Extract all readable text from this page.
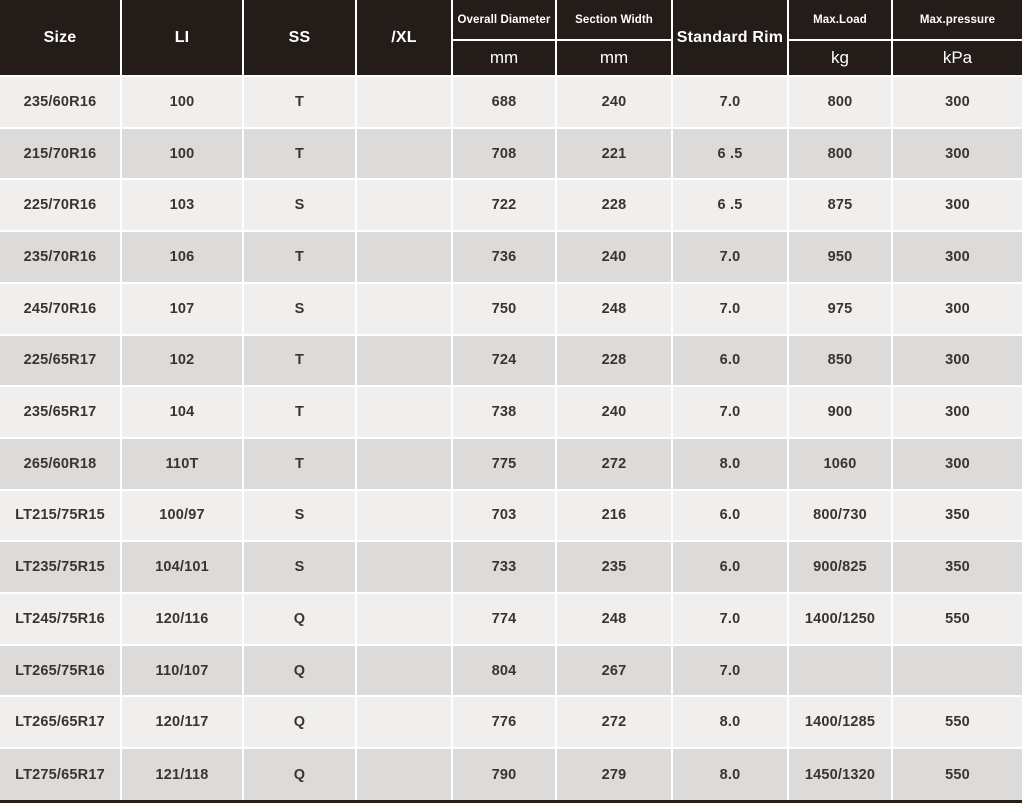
Size	LI	SS	/XL	Overall Diameter	Section Width	Standard Rim	Max.Load	Max.pressure
				mm	mm		kg	kPa
235/60R16	100	T		688	240	7.0	800	300
215/70R16	100	T		708	221	6 .5	800	300
225/70R16	103	S		722	228	6 .5	875	300
235/70R16	106	T		736	240	7.0	950	300
245/70R16	107	S		750	248	7.0	975	300
225/65R17	102	T		724	228	6.0	850	300
235/65R17	104	T		738	240	7.0	900	300
265/60R18	110T	T		775	272	8.0	1060	300
LT215/75R15	100/97	S		703	216	6.0	800/730	350
LT235/75R15	104/101	S		733	235	6.0	900/825	350
LT245/75R16	120/116	Q		774	248	7.0	1400/1250	550
LT265/75R16	110/107	Q		804	267	7.0		
LT265/65R17	120/117	Q		776	272	8.0	1400/1285	550
LT275/65R17	121/118	Q		790	279	8.0	1450/1320	550
